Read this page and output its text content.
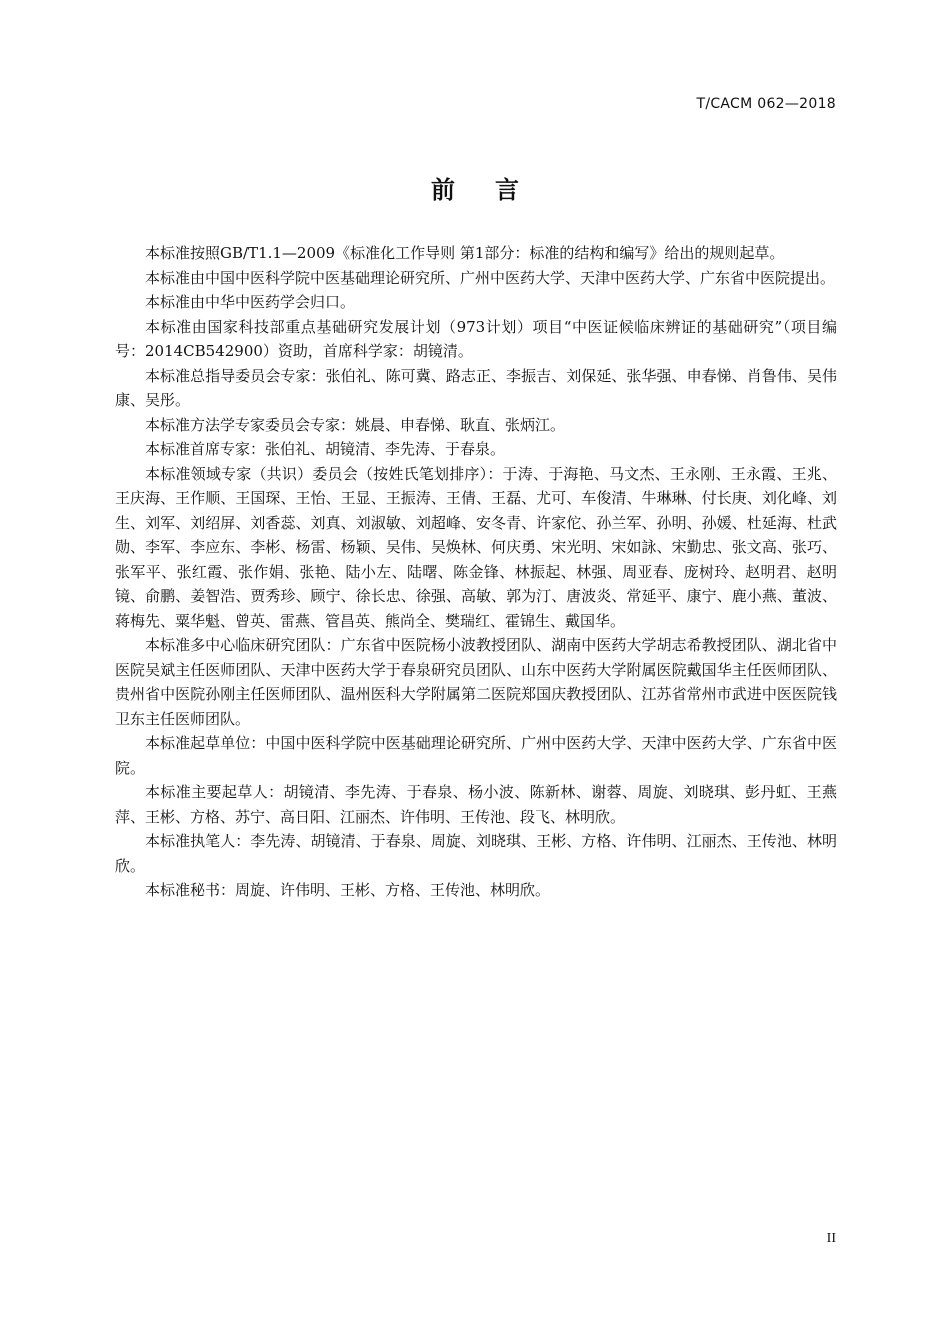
T/CACM 062—2018
前言

本标准按照GB/T1.1—2009《标准化工作导则 第1部分：标准的结构和编写》给出的规则起草。

本标准由中国中医科学院中医基础理论研究所、广州中医药大学、天津中医药大学、广东省中医院提出。

本标准由中华中医药学会归口。

本标准由国家科技部重点基础研究发展计划（973计划）项目“中医证候临床辨证的基础研究”（项目编号：2014CB542900）资助，首席科学家：胡镜清。

本标准总指导委员会专家：张伯礼、陈可冀、路志正、李振吉、刘保延、张华强、申春悌、肖鲁伟、吴伟康、吴彤。

本标准方法学专家委员会专家：姚晨、申春悌、耿直、张炳江。

本标准首席专家：张伯礼、胡镜清、李先涛、于春泉。

本标准领域专家（共识）委员会（按姓氏笔划排序）：于涛、于海艳、马文杰、王永刚、王永霞、王兆、王庆海、王作顺、王国琛、王怡、王显、王振涛、王倩、王磊、尤可、车俊清、牛琳琳、付长庚、刘化峰、刘生、刘军、刘绍屏、刘香蕊、刘真、刘淑敏、刘超峰、安冬青、许家佗、孙兰军、孙明、孙媛、杜延海、杜武勋、李军、李应东、李彬、杨雷、杨颖、吴伟、吴焕林、何庆勇、宋光明、宋如詠、宋勤忠、张文高、张巧、张军平、张红霞、张作娟、张艳、陆小左、陆曙、陈金锋、林振起、林强、周亚春、庞树玲、赵明君、赵明镜、俞鹏、姜智浩、贾秀珍、顾宁、徐长忠、徐强、高敏、郭为汀、唐波炎、常延平、康宁、鹿小燕、董波、蒋梅先、粟华魁、曾英、雷燕、管昌英、熊尚全、樊瑞红、霍锦生、戴国华。

本标准多中心临床研究团队：广东省中医院杨小波教授团队、湖南中医药大学胡志希教授团队、湖北省中医院吴斌主任医师团队、天津中医药大学于春泉研究员团队、山东中医药大学附属医院戴国华主任医师团队、贵州省中医院孙刚主任医师团队、温州医科大学附属第二医院郑国庆教授团队、江苏省常州市武进中医医院钱卫东主任医师团队。

本标准起草单位：中国中医科学院中医基础理论研究所、广州中医药大学、天津中医药大学、广东省中医院。

本标准主要起草人：胡镜清、李先涛、于春泉、杨小波、陈新林、谢蓉、周旋、刘晓琪、彭丹虹、王燕萍、王彬、方格、苏宁、高日阳、江丽杰、许伟明、王传池、段飞、林明欣。

本标准执笔人：李先涛、胡镜清、于春泉、周旋、刘晓琪、王彬、方格、许伟明、江丽杰、王传池、林明欣。

本标准秘书：周旋、许伟明、王彬、方格、王传池、林明欣。

II
